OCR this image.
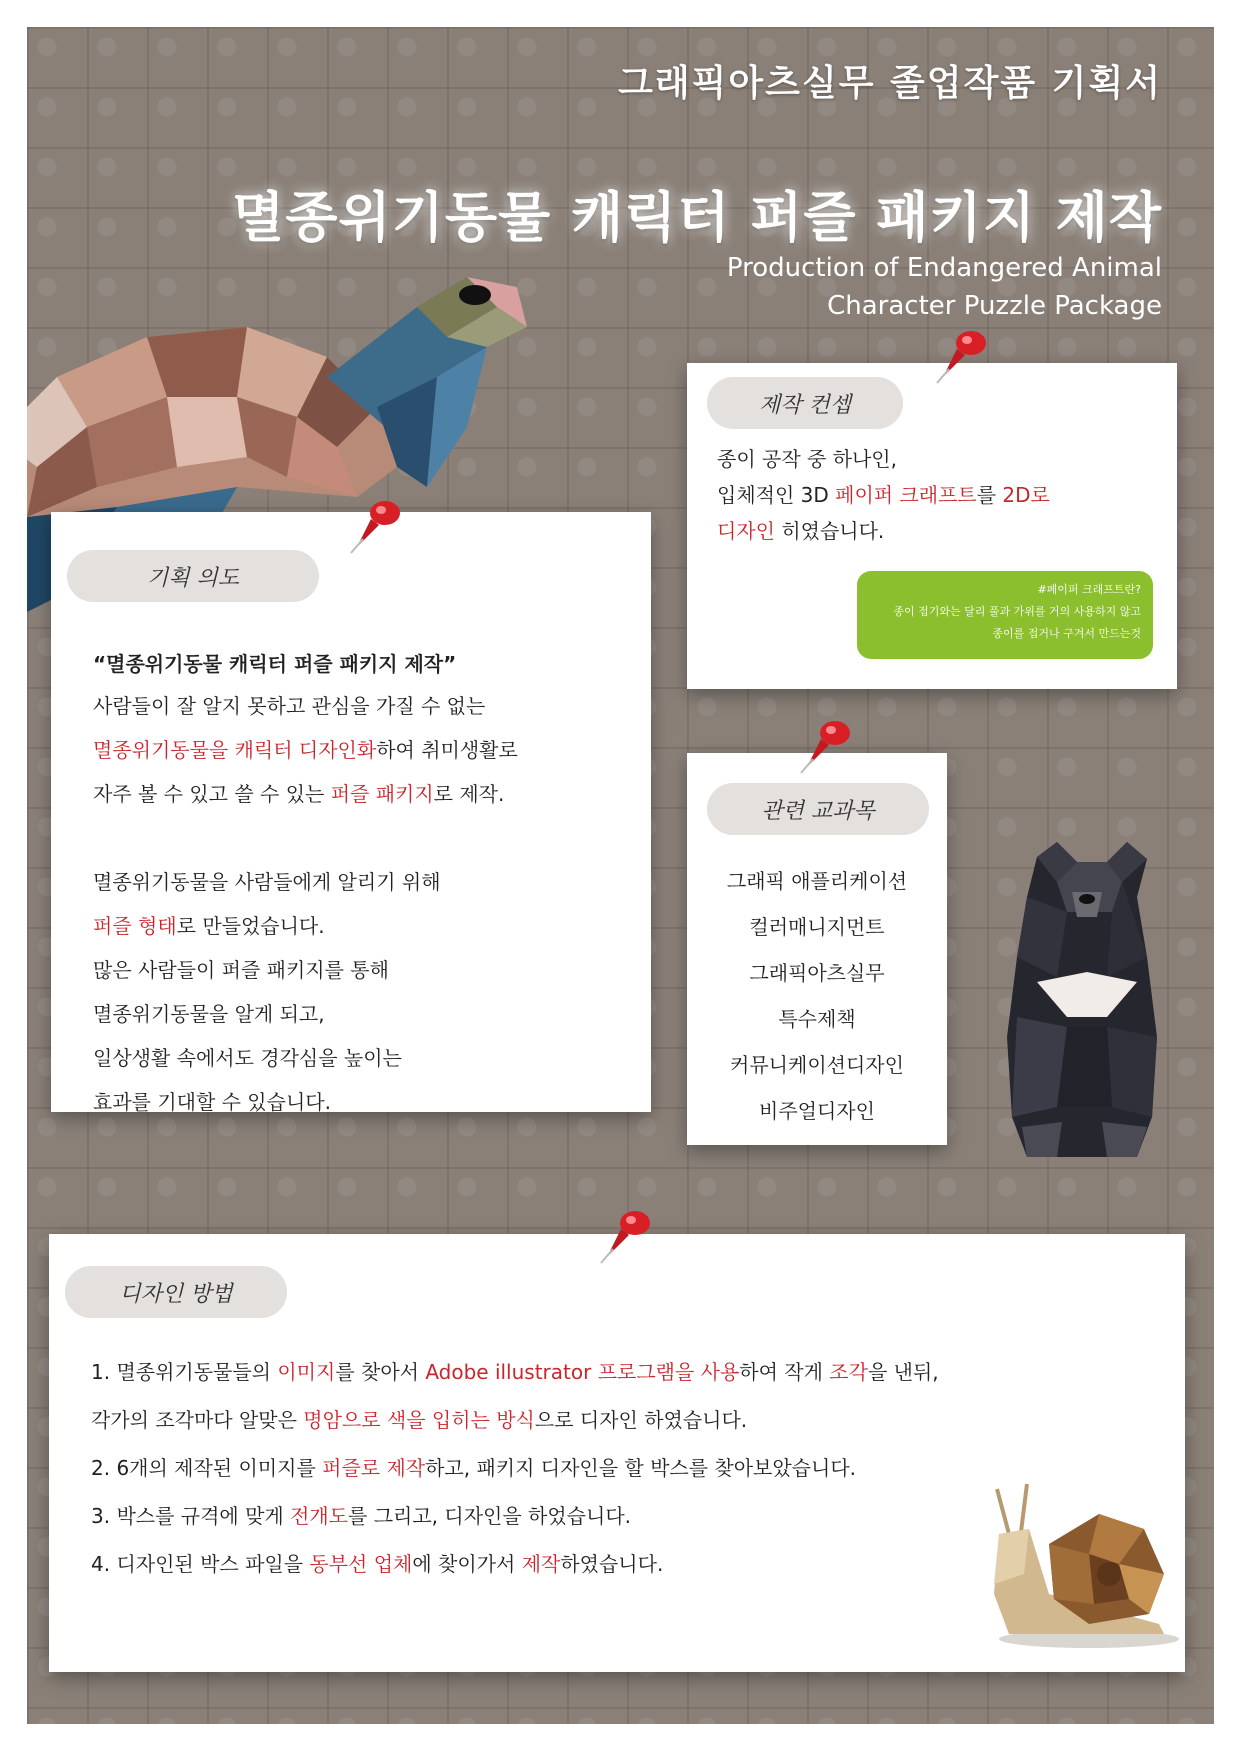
그래픽아츠실무 졸업작품 기획서
멸종위기동물 캐릭터 퍼즐 패키지 제작
Production of Endangered Animal
Character Puzzle Package
제작 컨셉
종이 공작 중 하나인,
입체적인 3D 페이퍼 크래프트를 2D로
디자인 히였습니다.
#페이퍼 크래프트란?
종이 접기와는 달리 풀과 가위를 거의 사용하지 않고
종이를 접거나 구겨서 만드는것
기획 의도
“멸종위기동물 캐릭터 퍼즐 패키지 제작”
사람들이 잘 알지 못하고 관심을 가질 수 없는
멸종위기동물을 캐릭터 디자인화하여 취미생활로
자주 볼 수 있고 쓸 수 있는 퍼즐 패키지로 제작.
멸종위기동물을 사람들에게 알리기 위해
퍼즐 형태로 만들었습니다.
많은 사람들이 퍼즐 패키지를 통해
멸종위기동물을 알게 되고,
일상생활 속에서도 경각심을 높이는
효과를 기대할 수 있습니다.
관련 교과목
그래픽 애플리케이션
컬러매니지먼트
그래픽아츠실무
특수제책
커뮤니케이션디자인
비주얼디자인
디자인 방법
1. 멸종위기동물들의 이미지를 찾아서 Adobe illustrator 프로그램을 사용하여 작게 조각을 낸뒤,
각가의 조각마다 알맞은 명암으로 색을 입히는 방식으로 디자인 하였습니다.
2. 6개의 제작된 이미지를 퍼즐로 제작하고, 패키지 디자인을 할 박스를 찾아보았습니다.
3. 박스를 규격에 맞게 전개도를 그리고, 디자인을 하었습니다.
4. 디자인된 박스 파일을 동부선 업체에 찾이가서 제작하였습니다.
